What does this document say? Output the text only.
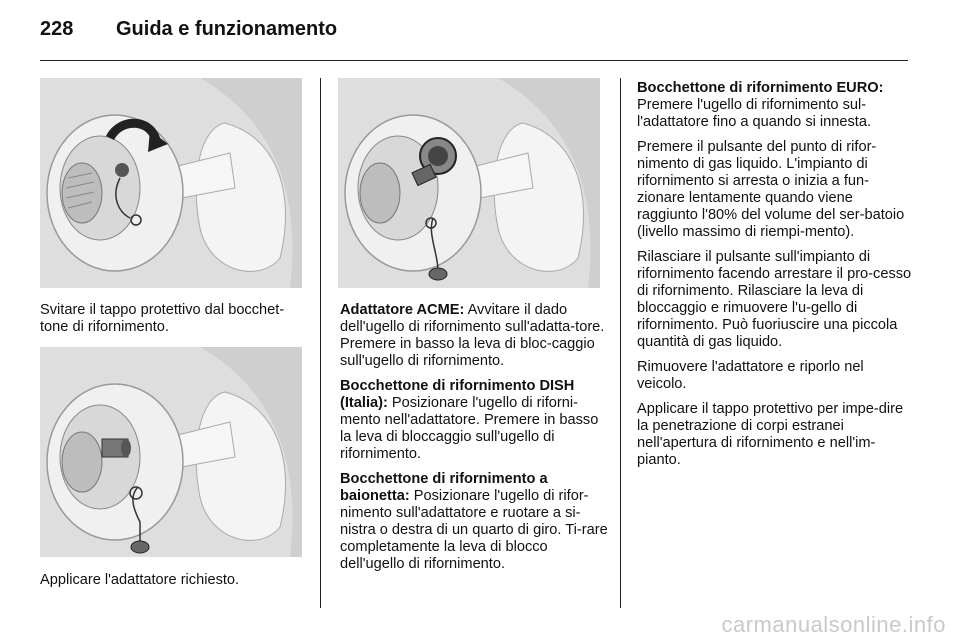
228 Guida e funzionamento

Svitare il tappo protettivo dal bocchet-tone di rifornimento.

Applicare l'adattatore richiesto.

Adattatore ACME: Avvitare il dado dell'ugello di rifornimento sull'adatta-tore. Premere in basso la leva di bloc-caggio sull'ugello di rifornimento.

Bocchettone di rifornimento DISH (Italia): Posizionare l'ugello di riforni-mento nell'adattatore. Premere in basso la leva di bloccaggio sull'ugello di rifornimento.

Bocchettone di rifornimento a baionetta: Posizionare l'ugello di rifor-nimento sull'adattatore e ruotare a si-nistra o destra di un quarto di giro. Ti-rare completamente la leva di blocco dell'ugello di rifornimento.

Bocchettone di rifornimento EURO: Premere l'ugello di rifornimento sul-l'adattatore fino a quando si innesta.

Premere il pulsante del punto di rifor-nimento di gas liquido. L'impianto di rifornimento si arresta o inizia a fun-zionare lentamente quando viene raggiunto l'80% del volume del ser-batoio (livello massimo di riempi-mento).

Rilasciare il pulsante sull'impianto di rifornimento facendo arrestare il pro-cesso di rifornimento. Rilasciare la leva di bloccaggio e rimuovere l'u-gello di rifornimento. Può fuoriuscire una piccola quantità di gas liquido.

Rimuovere l'adattatore e riporlo nel veicolo.

Applicare il tappo protettivo per impe-dire la penetrazione di corpi estranei nell'apertura di rifornimento e nell'im-pianto.

carmanualsonline.info
